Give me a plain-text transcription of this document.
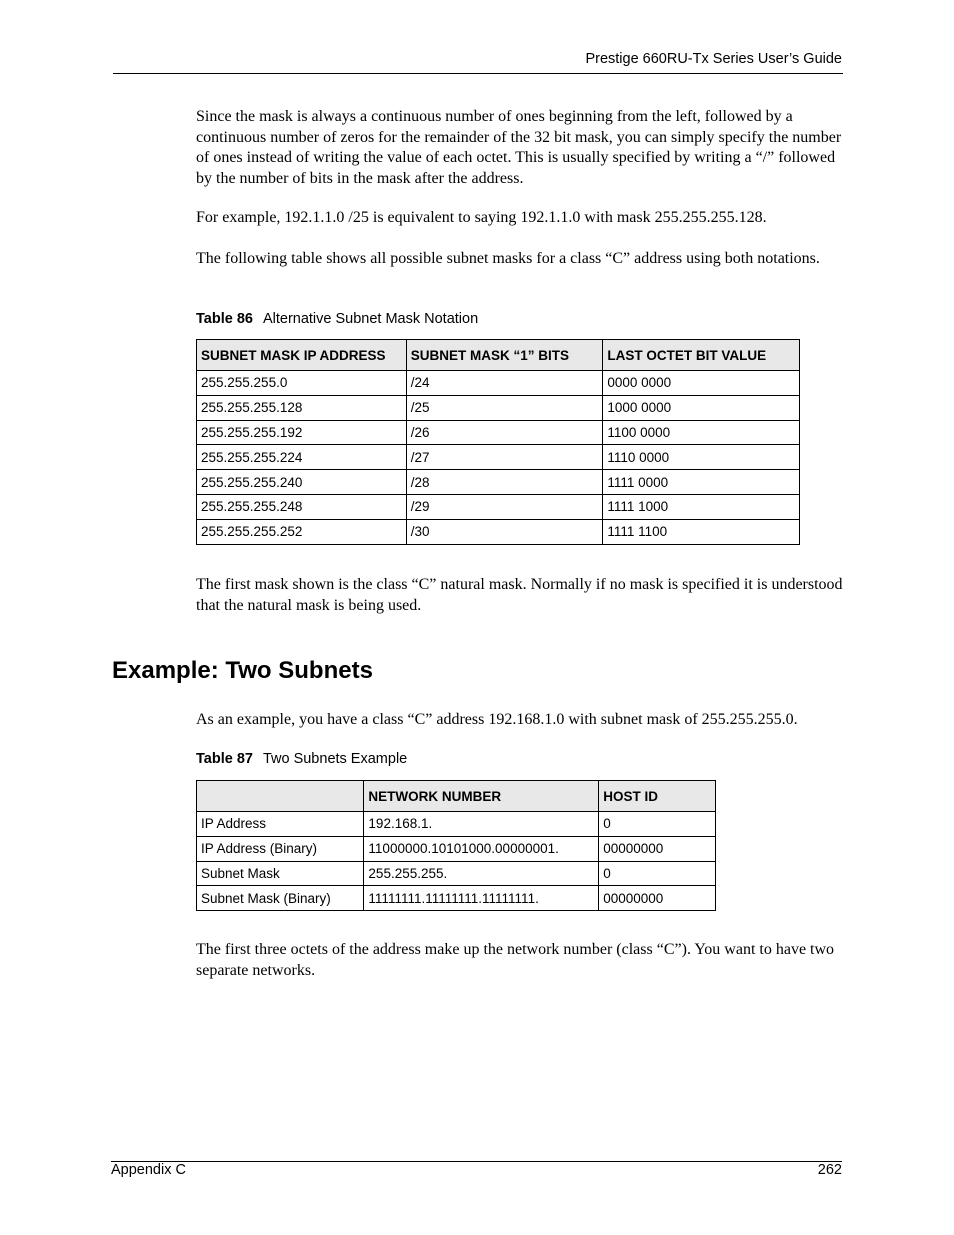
Prestige 660RU-Tx Series User’s Guide

Since the mask is always a continuous number of ones beginning from the left, followed by a continuous number of zeros for the remainder of the 32 bit mask, you can simply specify the number of ones instead of writing the value of each octet. This is usually specified by writing a “/” followed by the number of bits in the mask after the address.

For example, 192.1.1.0 /25 is equivalent to saying 192.1.1.0 with mask 255.255.255.128.

The following table shows all possible subnet masks for a class “C” address using both notations.

Table 86 Alternative Subnet Mask Notation

SUBNET MASK IP ADDRESS	SUBNET MASK “1” BITS	LAST OCTET BIT VALUE
255.255.255.0	/24	0000 0000
255.255.255.128	/25	1000 0000
255.255.255.192	/26	1100 0000
255.255.255.224	/27	1110 0000
255.255.255.240	/28	1111 0000
255.255.255.248	/29	1111 1000
255.255.255.252	/30	1111 1100

The first mask shown is the class “C” natural mask. Normally if no mask is specified it is understood that the natural mask is being used.

Example: Two Subnets

As an example, you have a class “C” address 192.168.1.0 with subnet mask of 255.255.255.0.

Table 87 Two Subnets Example

	NETWORK NUMBER	HOST ID
IP Address	192.168.1.	0
IP Address (Binary)	11000000.10101000.00000001.	00000000
Subnet Mask	255.255.255.	0
Subnet Mask (Binary)	11111111.11111111.11111111.	00000000

The first three octets of the address make up the network number (class “C”). You want to have two separate networks.

Appendix C	262
